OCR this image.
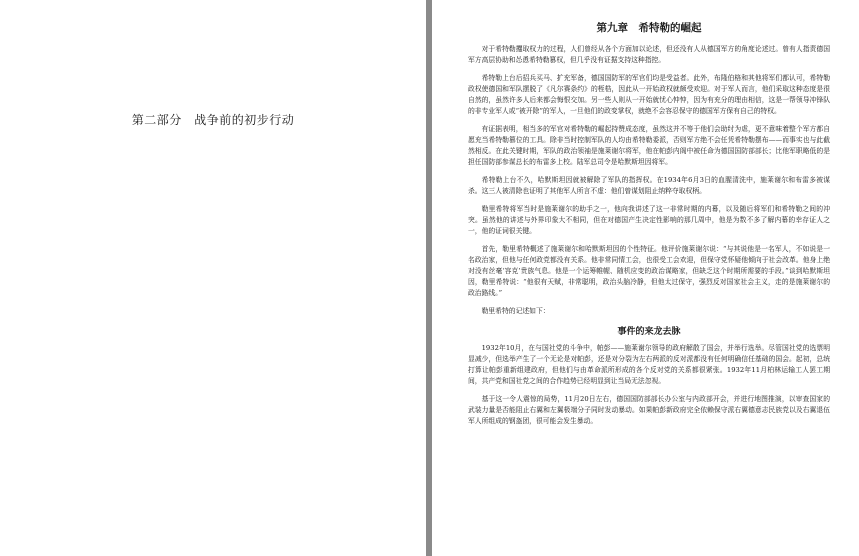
第二部分　战争前的初步行动
第九章　希特勒的崛起

对于希特勒攫取权力的过程，人们曾经从各个方面加以论述，但还没有人从德国军方的角度论述过。曾有人指责德国军方高层协助和怂恿希特勒篡权，但几乎没有证据支持这种指控。

希特勒上台后招兵买马、扩充军备，德国国防军的军官们均是受益者。此外，布隆伯格和其他将军们都认可，希特勒政权使德国和军队摆脱了《凡尔赛条约》的桎梏，因此从一开始政权就颇受欢迎。对于军人而言，他们采取这种态度是很自然的，虽然许多人后来都会悔恨交加。另一些人则从一开始就忧心忡忡，因为有充分的理由相信，这是一帮领导冲锋队的非专业军人或“被开除”的军人，一旦他们的政变掌权，就绝不会容忍保守的德国军方保有自己的特权。

有证据表明，相当多的军官对希特勒的崛起持赞成态度，虽然这并不等于他们会助纣为虐，更不意味着整个军方都自愿充当希特勒篡位的工具。除非当时控制军队的人均由希特勒委派，否则军方绝不会任凭希特勒摆布——而事实也与此截然相反。在此关键时期，军队的政治领袖是施莱谢尔将军，他在帕彭内阁中被任命为德国国防部部长；比他军职略低的是担任国防部参谋总长的布雷多上校。陆军总司令是哈默斯坦因将军。

希特勒上台不久，哈默斯坦因就被解除了军队的指挥权。在1934年6月3日的血腥清洗中，施莱谢尔和布雷多被谋杀。这三人被清除也证明了其他军人所言不虚：他们曾谋划阻止纳粹夺取权柄。

勒里希特将军当时是施莱谢尔的助手之一，他向我讲述了这一非常时期的内幕，以及随后将军们和希特勒之间的冲突。虽然他的讲述与外界印象大不相同，但在对德国产生决定性影响的那几周中，他是为数不多了解内幕的幸存证人之一，他的证词很关键。

首先，勒里希特概述了施莱谢尔和哈默斯坦因的个性特征。他评价施莱谢尔说：“与其说他是一名军人，不如说是一名政治家，但他与任何政党都没有关系。他非常同情工会，也很受工会欢迎，但保守党怀疑他倾向于社会改革。他身上绝对没有丝毫‘容克’贵族气息。他是一个运筹帷幄、随机应变的政治谋略家，但缺乏这个时期所需要的手段。”谈到哈默斯坦因，勒里希特说：“他很有天赋，非常聪明，政治头脑冷静，但他太过保守，强烈反对国家社会主义，走的是施莱谢尔的政治路线。”

勒里希特的记述如下：

事件的来龙去脉

1932年10月，在与国社党的斗争中，帕彭——施莱谢尔领导的政府解散了国会，并举行选举。尽管国社党的选票明显减少，但选举产生了一个无论是对帕彭，还是对分裂为左右两派的反对派都没有任何明确信任基础的国会。起初，总统打算让帕彭重新组建政府，但他们与由革命派所形成的各个反对党的关系都很紧张。1932年11月柏林运输工人罢工期间，共产党和国社党之间的合作趋势已经明显到让当局无法忽视。

基于这一令人震惊的局势，11月20日左右，德国国防部部长办公室与内政部开会，并进行地图推演，以审查国家的武装力量是否能阻止右翼和左翼极端分子同时发动暴动。如果帕彭新政府完全依赖保守派右翼德意志民族党以及右翼退伍军人所组成的钢盔团，很可能会发生暴动。
